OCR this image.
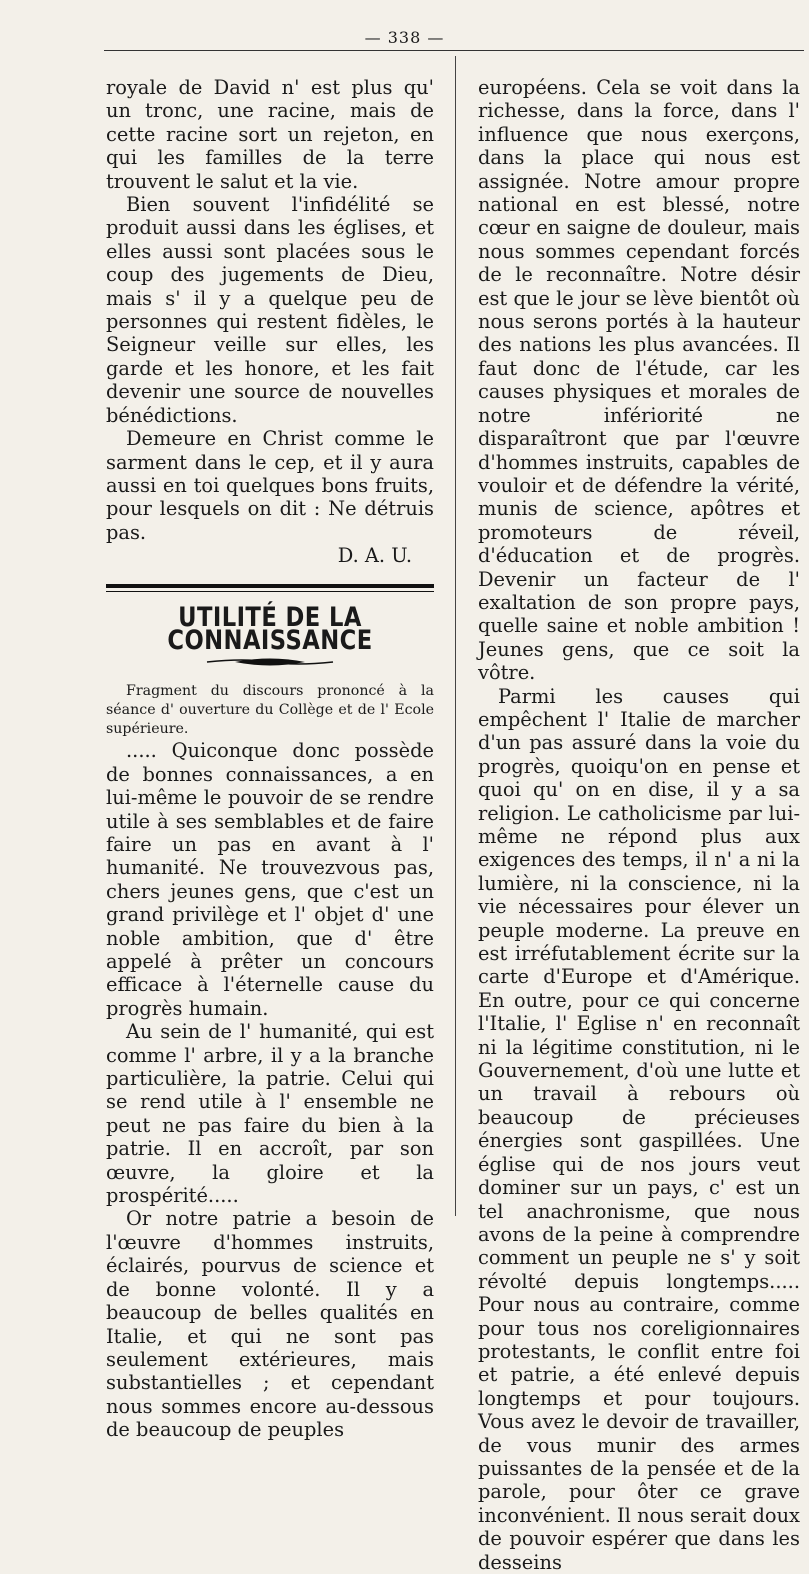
— 338 —

royale de David n' est plus qu' un tronc, une racine, mais de cette racine sort un rejeton, en qui les familles de la terre trouvent le salut et la vie.

Bien souvent l'infidélité se produit aussi dans les églises, et elles aussi sont placées sous le coup des jugements de Dieu, mais s' il y a quelque peu de personnes qui restent fidèles, le Seigneur veille sur elles, les garde et les honore, et les fait devenir une source de nouvelles bénédictions.

Demeure en Christ comme le sarment dans le cep, et il y aura aussi en toi quelques bons fruits, pour lesquels on dit : Ne détruis pas.

D. A. U.

UTILITÉ DE LA CONNAISSANCE

Fragment du discours prononcé à la séance d' ouverture du Collège et de l' Ecole supérieure.

..... Quiconque donc possède de bonnes connaissances, a en lui-même le pouvoir de se rendre utile à ses semblables et de faire faire un pas en avant à l' humanité. Ne trouvezvous pas, chers jeunes gens, que c'est un grand privilège et l' objet d' une noble ambition, que d' être appelé à prêter un concours efficace à l'éternelle cause du progrès humain.

Au sein de l' humanité, qui est comme l' arbre, il y a la branche particulière, la patrie. Celui qui se rend utile à l' ensemble ne peut ne pas faire du bien à la patrie. Il en accroît, par son œuvre, la gloire et la prospérité.....

Or notre patrie a besoin de l'œuvre d'hommes instruits, éclairés, pourvus de science et de bonne volonté. Il y a beaucoup de belles qualités en Italie, et qui ne sont pas seulement extérieures, mais substantielles ; et cependant nous sommes encore au-dessous de beaucoup de peuples

européens. Cela se voit dans la richesse, dans la force, dans l' influence que nous exerçons, dans la place qui nous est assignée. Notre amour propre national en est blessé, notre cœur en saigne de douleur, mais nous sommes cependant forcés de le reconnaître. Notre désir est que le jour se lève bientôt où nous serons portés à la hauteur des nations les plus avancées. Il faut donc de l'étude, car les causes physiques et morales de notre infériorité ne disparaîtront que par l'œuvre d'hommes instruits, capables de vouloir et de défendre la vérité, munis de science, apôtres et promoteurs de réveil, d'éducation et de progrès. Devenir un facteur de l' exaltation de son propre pays, quelle saine et noble ambition ! Jeunes gens, que ce soit la vôtre.

Parmi les causes qui empêchent l' Italie de marcher d'un pas assuré dans la voie du progrès, quoiqu'on en pense et quoi qu' on en dise, il y a sa religion. Le catholicisme par lui-même ne répond plus aux exigences des temps, il n' a ni la lumière, ni la conscience, ni la vie nécessaires pour élever un peuple moderne. La preuve en est irréfutablement écrite sur la carte d'Europe et d'Amérique. En outre, pour ce qui concerne l'Italie, l' Eglise n' en reconnaît ni la légitime constitution, ni le Gouvernement, d'où une lutte et un travail à rebours où beaucoup de précieuses énergies sont gaspillées. Une église qui de nos jours veut dominer sur un pays, c' est un tel anachronisme, que nous avons de la peine à comprendre comment un peuple ne s' y soit révolté depuis longtemps..... Pour nous au contraire, comme pour tous nos coreligionnaires protestants, le conflit entre foi et patrie, a été enlevé depuis longtemps et pour toujours. Vous avez le devoir de travailler, de vous munir des armes puissantes de la pensée et de la parole, pour ôter ce grave inconvénient. Il nous serait doux de pouvoir espérer que dans les desseins
